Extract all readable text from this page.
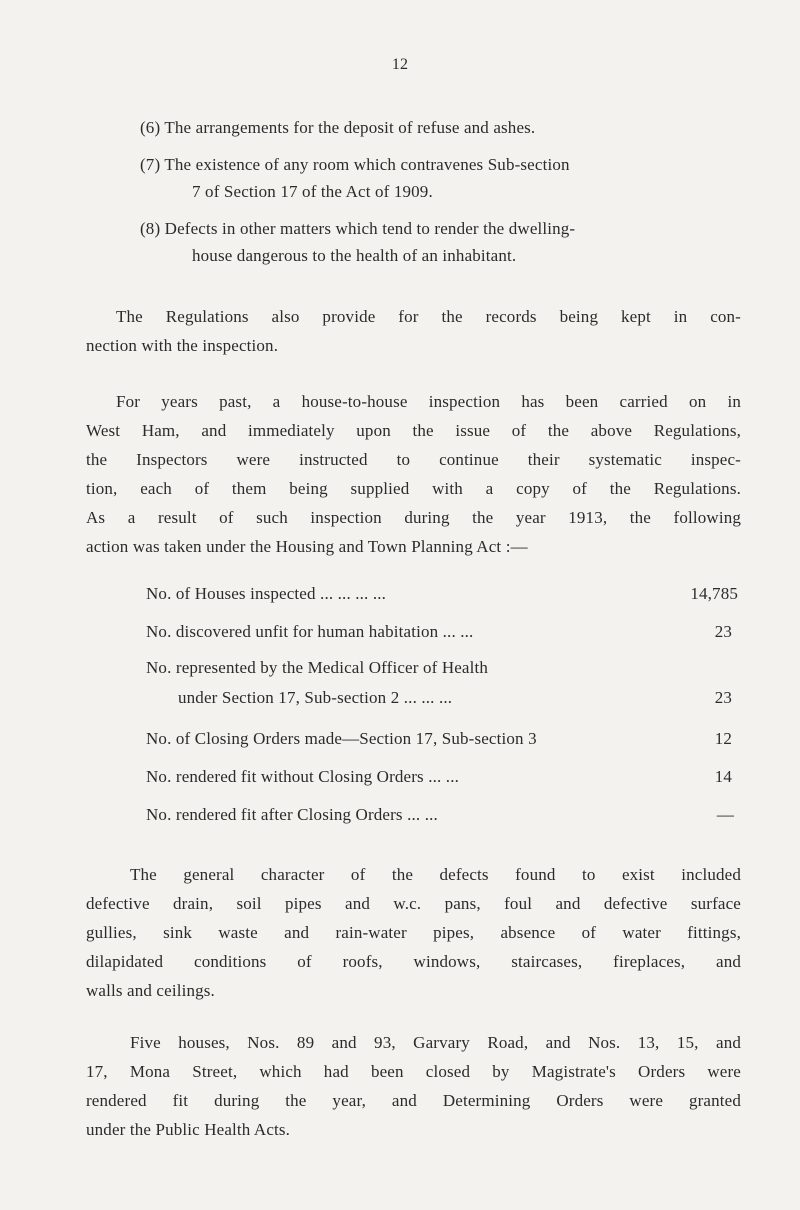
12
(6) The arrangements for the deposit of refuse and ashes.
(7) The existence of any room which contravenes Sub-section
7 of Section 17 of the Act of 1909.
(8) Defects in other matters which tend to render the dwelling-
house dangerous to the health of an inhabitant.
The Regulations also provide for the records being kept in con-
nection with the inspection.
For years past, a house-to-house inspection has been carried on in
West Ham, and immediately upon the issue of the above Regulations,
the Inspectors were instructed to continue their systematic inspec-
tion, each of them being supplied with a copy of the Regulations.
As a result of such inspection during the year 1913, the following
action was taken under the Housing and Town Planning Act :—
No. of Houses inspected ... ... ... ...	14,785
No. discovered unfit for human habitation ... ...	23
No. represented by the Medical Officer of Health
under Section 17, Sub-section 2 ... ... ...	23
No. of Closing Orders made—Section 17, Sub-section 3	12
No. rendered fit without Closing Orders ... ...	14
No. rendered fit after Closing Orders ... ...	—
The general character of the defects found to exist included
defective drain, soil pipes and w.c. pans, foul and defective surface
gullies, sink waste and rain-water pipes, absence of water fittings,
dilapidated conditions of roofs, windows, staircases, fireplaces, and
walls and ceilings.
Five houses, Nos. 89 and 93, Garvary Road, and Nos. 13, 15, and
17, Mona Street, which had been closed by Magistrate's Orders were
rendered fit during the year, and Determining Orders were granted
under the Public Health Acts.
